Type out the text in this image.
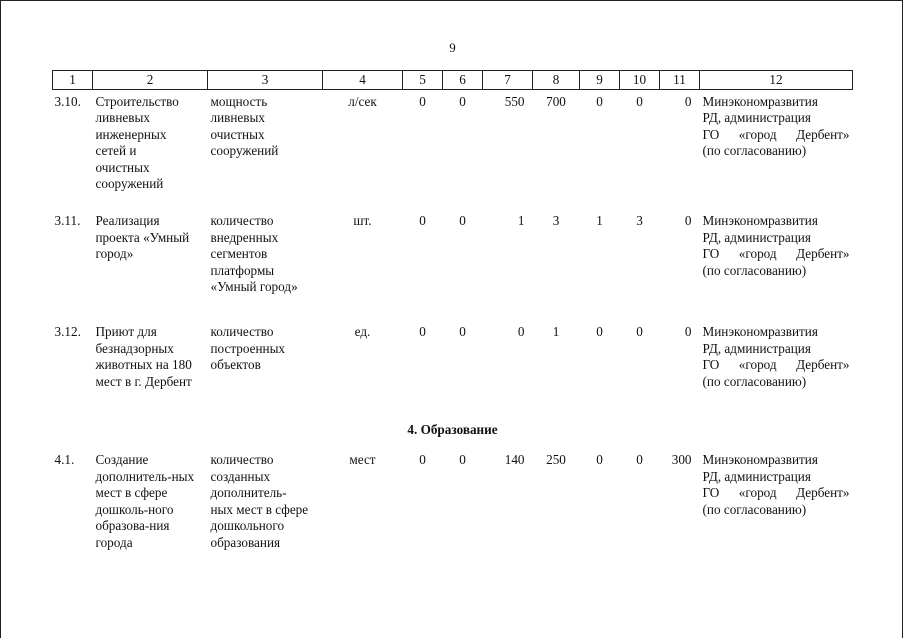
9
1	2	3	4	5	6	7	8	9	10	11	12
3.10.	Строительство ливневых инженерных сетей и очистных сооружений	мощность ливневых очистных сооружений	л/сек	0	0	550	700	0	0	0	Минэкономразвития
РД, администрация
ГО «город Дербент»
(по согласованию)

3.11.	Реализация проекта «Умный город»	количество внедренных сегментов платформы «Умный город»	шт.	0	0	1	3	1	3	0	Минэкономразвития
РД, администрация
ГО «город Дербент»
(по согласованию)

3.12.	Приют для безнадзорных животных на 180 мест в г. Дербент	количество построенных объектов	ед.	0	0	0	1	0	0	0	Минэкономразвития
РД, администрация
ГО «город Дербент»
(по согласованию)

4. Образование											
4.1.	Создание дополнитель-ных мест в сфере дошколь-ного образова-ния города	количество созданных дополнитель-ных мест в сфере дошкольного образования	мест	0	0	140	250	0	0	300	Минэкономразвития
РД, администрация
ГО «город Дербент»
(по согласованию)
